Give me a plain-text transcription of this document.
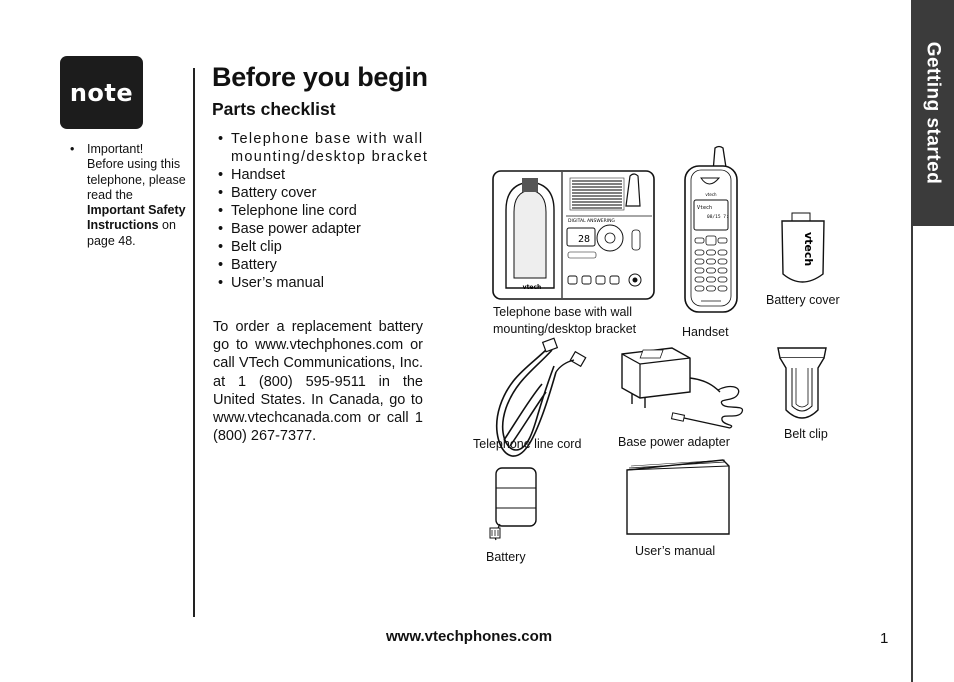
note
• Important!
Before using this telephone, please read the Important Safety Instructions on page 48.
Before you begin
Parts checklist
• Telephone base with wall mounting/desktop bracket
• Handset
• Battery cover
• Telephone line cord
• Base power adapter
• Belt clip
• Battery
• User’s manual
To order a replacement battery go to www.vtechphones.com or call VTech Communications, Inc. at 1 (800) 595-9511 in the United States. In Canada, go to www.vtechcanada.com or call 1 (800) 267-7377.
Getting started
vtech
DIGITAL ANSWERING
28
vtech
Vtech
08/15 7:
vtech
Telephone base with wall
mounting/desktop bracket	Handset
Battery cover
Telephone line cord	Base power adapter
Belt clip
Battery	User’s manual
www.vtechphones.com	1
